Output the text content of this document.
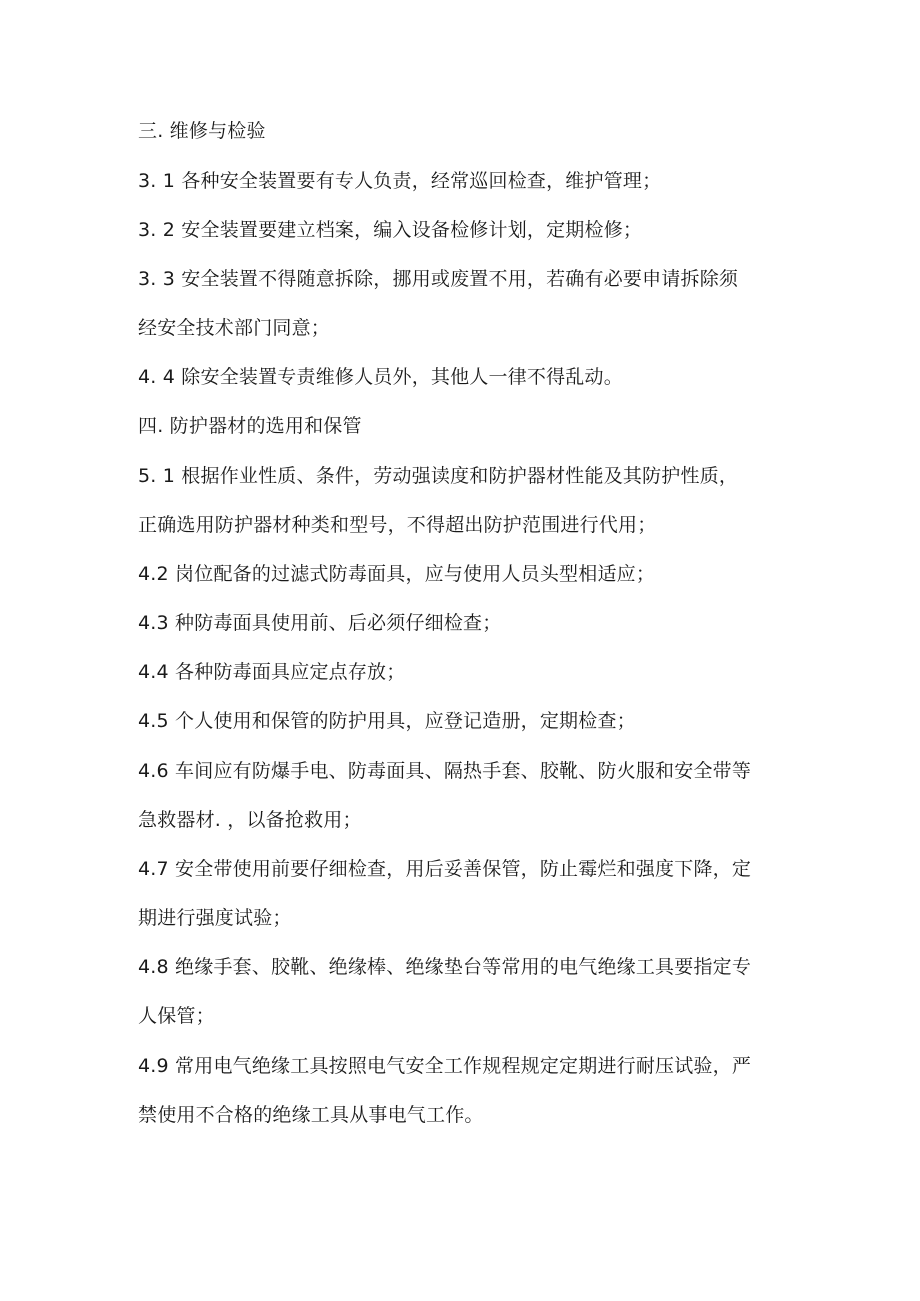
三. 维修与检验
3. 1 各种安全装置要有专人负责，经常巡回检查，维护管理；
3. 2 安全装置要建立档案，编入设备检修计划，定期检修；
3. 3 安全装置不得随意拆除，挪用或废置不用，若确有必要申请拆除须
经安全技术部门同意；
4. 4 除安全装置专责维修人员外，其他人一律不得乱动。
四. 防护器材的选用和保管
5. 1 根据作业性质、条件，劳动强读度和防护器材性能及其防护性质，
正确选用防护器材种类和型号，不得超出防护范围进行代用；
4.2 岗位配备的过滤式防毒面具，应与使用人员头型相适应；
4.3 种防毒面具使用前、后必须仔细检查；
4.4 各种防毒面具应定点存放；
4.5 个人使用和保管的防护用具，应登记造册，定期检查；
4.6 车间应有防爆手电、防毒面具、隔热手套、胶靴、防火服和安全带等
急救器材. ，以备抢救用；
4.7 安全带使用前要仔细检查，用后妥善保管，防止霉烂和强度下降，定
期进行强度试验；
4.8 绝缘手套、胶靴、绝缘棒、绝缘垫台等常用的电气绝缘工具要指定专
人保管；
4.9 常用电气绝缘工具按照电气安全工作规程规定定期进行耐压试验，严
禁使用不合格的绝缘工具从事电气工作。
